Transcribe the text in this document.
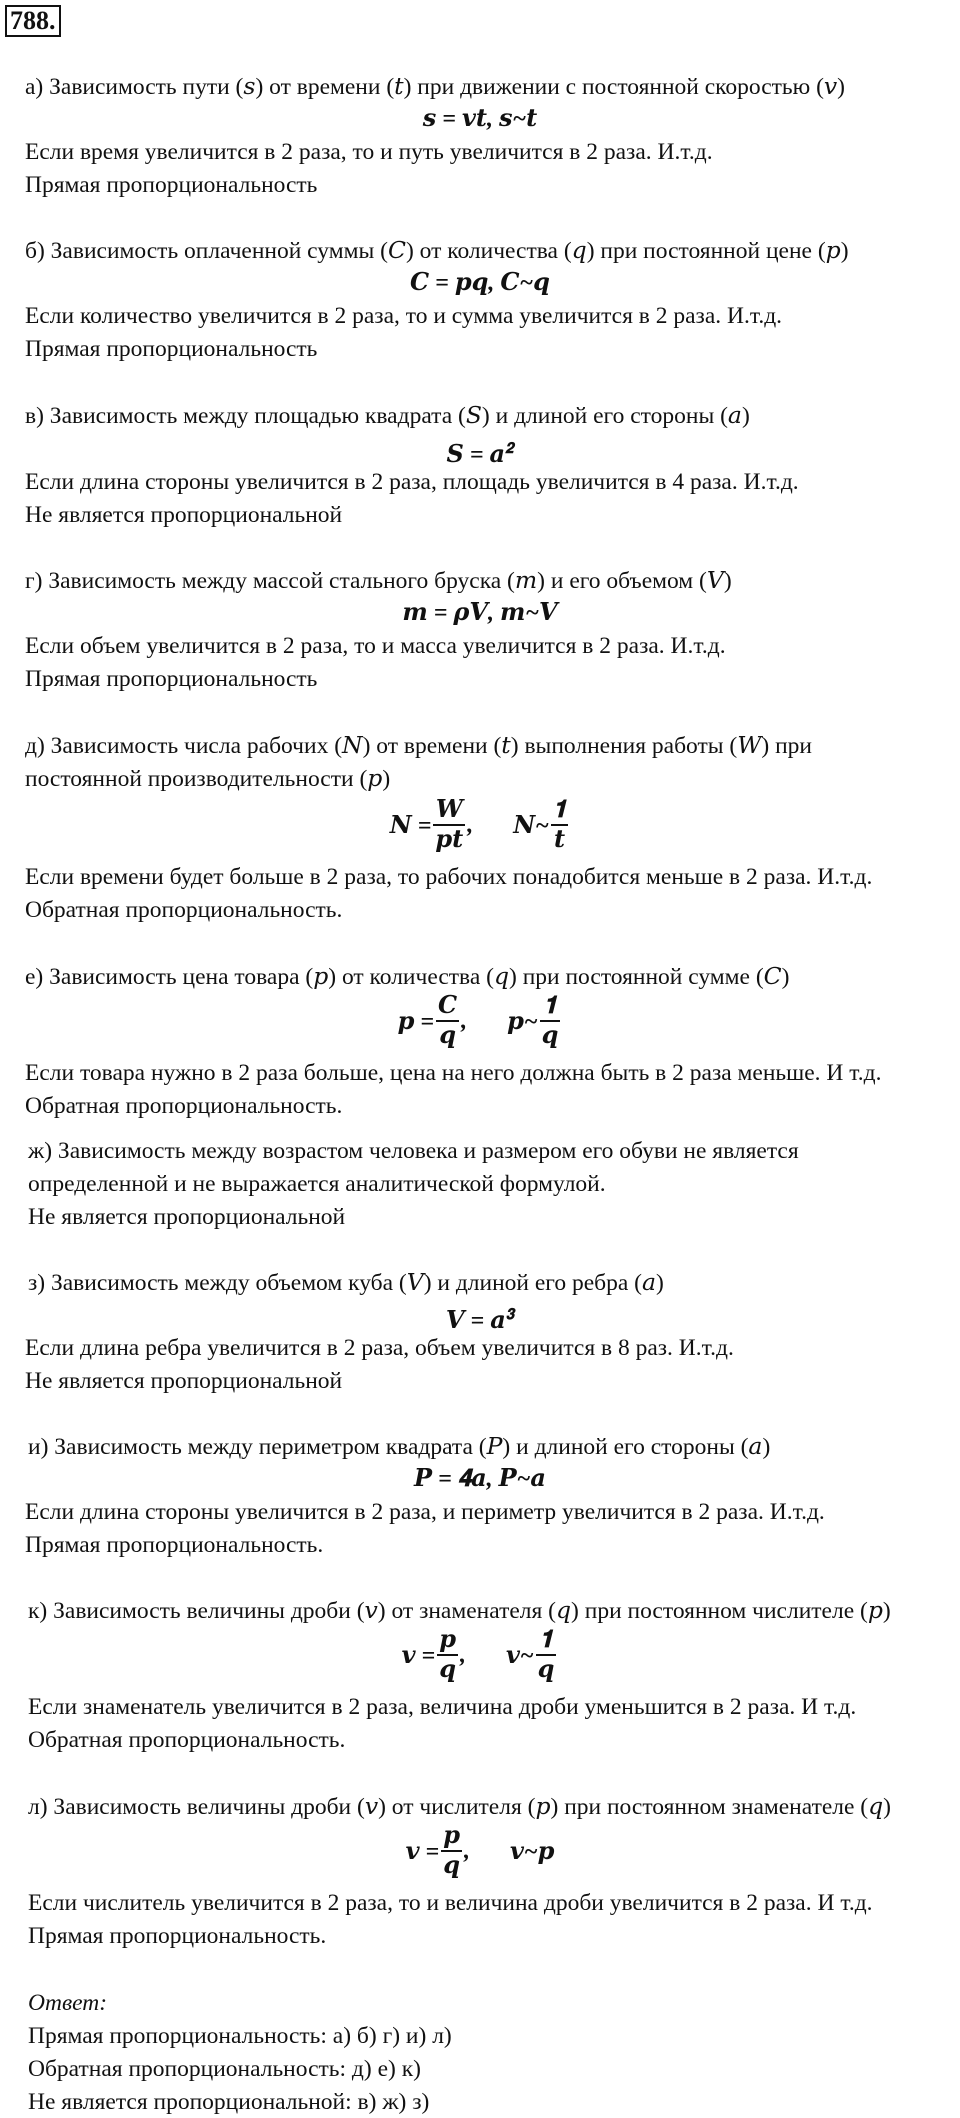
788.
а) Зависимость пути (𝑠) от времени (𝑡) при движении с постоянной скоростью (𝑣)
𝒔 = 𝒗𝒕, 𝒔~𝒕
Если время увеличится в 2 раза, то и путь увеличится в 2 раза. И.т.д.
Прямая пропорциональность
б) Зависимость оплаченной суммы (𝐶) от количества (𝑞) при постоянной цене (𝑝)
𝑪 = 𝒑𝒒, 𝑪~𝒒
Если количество увеличится в 2 раза, то и сумма увеличится в 2 раза. И.т.д.
Прямая пропорциональность
в) Зависимость между площадью квадрата (𝑆) и длиной его стороны (𝑎)
𝑺 = 𝒂$^𝟐$
Если длина стороны увеличится в 2 раза, площадь увеличится в 4 раза. И.т.д.
Не является пропорциональной
г) Зависимость между массой стального бруска (𝑚) и его объемом (𝑉)
𝒎 = 𝝆𝑽, 𝒎~𝑽
Если объем увеличится в 2 раза, то и масса увеличится в 2 раза. И.т.д.
Прямая пропорциональность
д) Зависимость числа рабочих (𝑁) от времени (𝑡) выполнения работы (𝑊) при
постоянной производительности (𝑝)
𝑵 = $\frac{\text{𝑾}}{\text{𝒑𝒕}}$ , 𝑵~ $\frac{𝟏}{\text{𝒕}}$
Если времени будет больше в 2 раза, то рабочих понадобится меньше в 2 раза. И.т.д.
Обратная пропорциональность.
е) Зависимость цена товара (𝑝) от количества (𝑞) при постоянной сумме (𝐶)
𝒑 = $\frac{\text{𝑪}}{\text{𝒒}}$ , 𝒑~ $\frac{𝟏}{\text{𝒒}}$
Если товара нужно в 2 раза больше, цена на него должна быть в 2 раза меньше. И т.д.
Обратная пропорциональность.
ж) Зависимость между возрастом человека и размером его обуви не является
определенной и не выражается аналитической формулой.
Не является пропорциональной
з) Зависимость между объемом куба (𝑉) и длиной его ребра (𝑎)
𝑽 = 𝒂$^𝟑$
Если длина ребра увеличится в 2 раза, объем увеличится в 8 раз. И.т.д.
Не является пропорциональной
и) Зависимость между периметром квадрата (𝑃) и длиной его стороны (𝑎)
𝑷 = 𝟒𝒂, 𝑷~𝒂
Если длина стороны увеличится в 2 раза, и периметр увеличится в 2 раза. И.т.д.
Прямая пропорциональность.
к) Зависимость величины дроби (𝑣) от знаменателя (𝑞) при постоянном числителе (𝑝)
𝒗 = $\frac{\text{𝒑}}{\text{𝒒}}$ , 𝒗~ $\frac{𝟏}{\text{𝒒}}$
Если знаменатель увеличится в 2 раза, величина дроби уменьшится в 2 раза. И т.д.
Обратная пропорциональность.
л) Зависимость величины дроби (𝑣) от числителя (𝑝) при постоянном знаменателе (𝑞)
𝒗 = $\frac{\text{𝒑}}{\text{𝒒}}$ , 𝒗~𝒑
Если числитель увеличится в 2 раза, то и величина дроби увеличится в 2 раза. И т.д.
Прямая пропорциональность.
Ответ:
Прямая пропорциональность: а) б) г) и) л)
Обратная пропорциональность: д) е) к)
Не является пропорциональной: в) ж) з)
